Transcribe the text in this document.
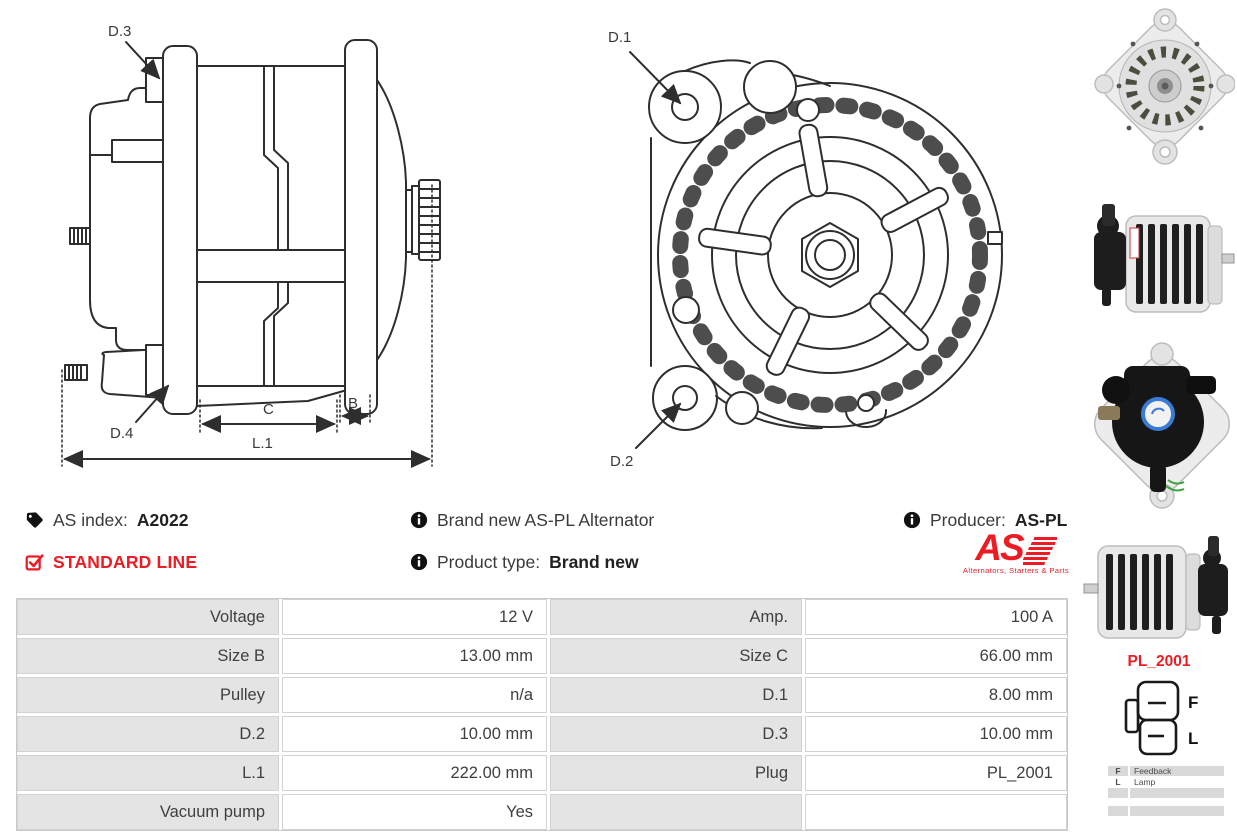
D.3
D.4
C	B
L.1
D.1
D.2
AS index: A2022
STANDARD LINE
Brand new AS-PL Alternator
Product type: Brand new
Producer: AS-PL
AS
Alternators, Starters & Parts
Voltage	12 V	Amp.	100 A
Size B	13.00 mm	Size C	66.00 mm
Pulley	n/a	D.1	8.00 mm
D.2	10.00 mm	D.3	10.00 mm
L.1	222.00 mm	Plug	PL_2001
Vacuum pump	Yes
PL_2001
F
L
F	Feedback
L	Lamp
